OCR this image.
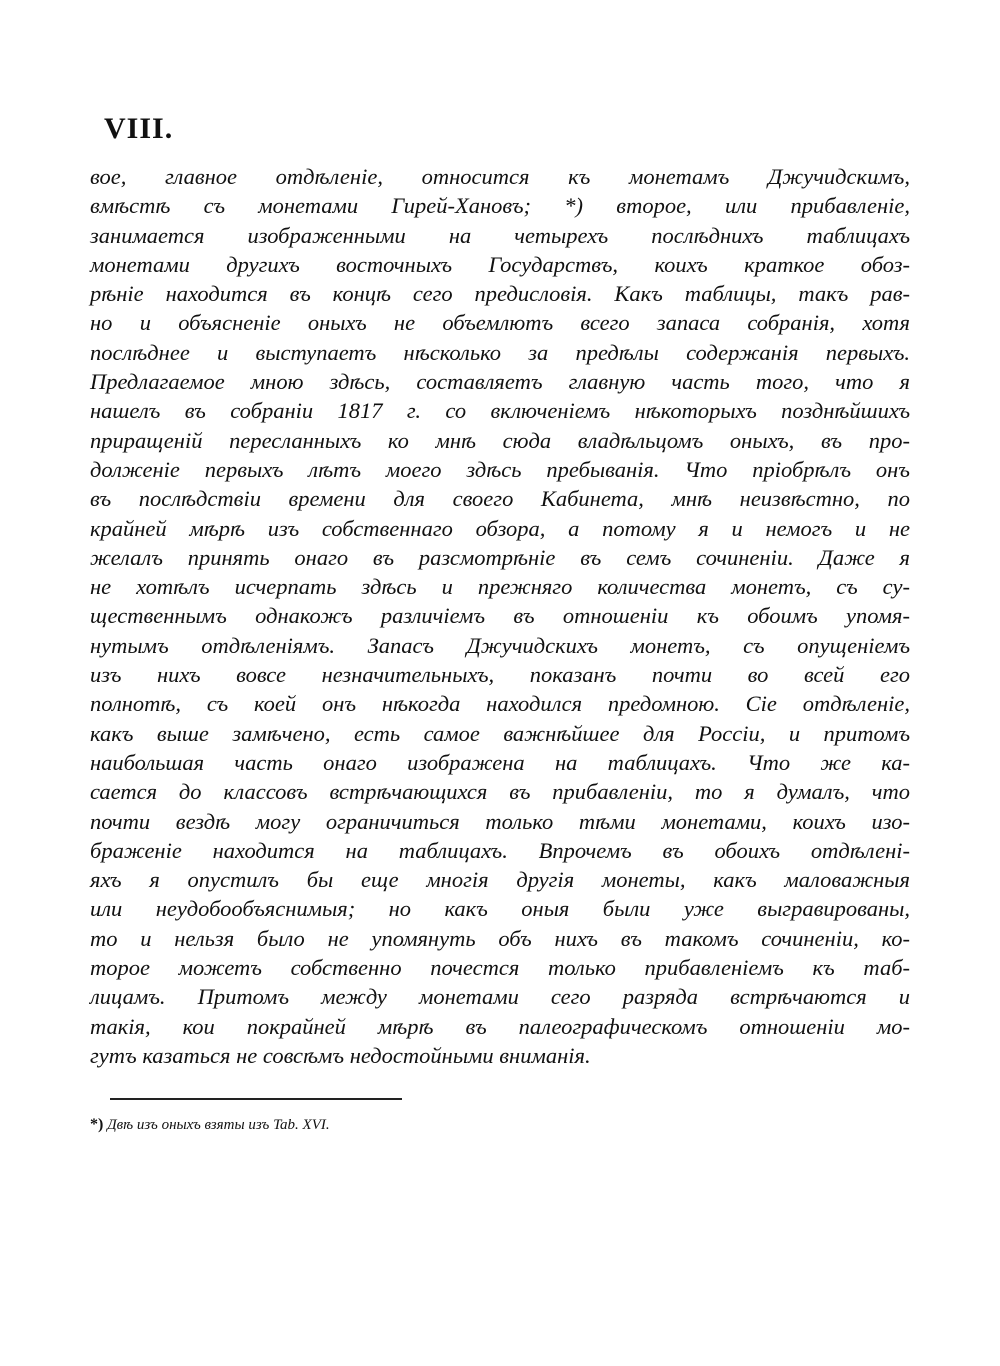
VIII.
вое, главное отдѣленіе, относится къ монетамъ Джучидскимъ,
вмѣстѣ съ монетами Гирей-Хановъ; *) второе, или прибавленіе,
занимается изображенными на четырехъ послѣднихъ таблицахъ
монетами другихъ восточныхъ Государствъ, коихъ краткое обоз-
рѣніе находится въ концѣ сего предисловія. Какъ таблицы, такъ рав-
но и объясненіе оныхъ не объемлютъ всего запаса собранія, хотя
послѣднее и выступаетъ нѣсколько за предѣлы содержанія первыхъ.
Предлагаемое мною здѣсь, составляетъ главную часть того, что я
нашелъ въ собраніи 1817 г. со включеніемъ нѣкоторыхъ позднѣйшихъ
приращеній пересланныхъ ко мнѣ сюда владѣльцомъ оныхъ, въ про-
долженіе первыхъ лѣтъ моего здѣсь пребыванія. Что пріобрѣлъ онъ
въ послѣдствіи времени для своего Кабинета, мнѣ неизвѣстно, по
крайней мѣрѣ изъ собственнаго обзора, а потому я и немогъ и не
желалъ принять онаго въ разсмотрѣніе въ семъ сочиненіи. Даже я
не хотѣлъ исчерпать здѣсь и прежняго количества монетъ, съ су-
щественнымъ однакожъ различіемъ въ отношеніи къ обоимъ упомя-
нутымъ отдѣленіямъ. Запасъ Джучидскихъ монетъ, съ опущеніемъ
изъ нихъ вовсе незначительныхъ, показанъ почти во всей его
полнотѣ, съ коей онъ нѣкогда находился предомною. Сіе отдѣленіе,
какъ выше замѣчено, есть самое важнѣйшее для Россіи, и притомъ
наибольшая часть онаго изображена на таблицахъ. Что же ка-
сается до классовъ встрѣчающихся въ прибавленіи, то я думалъ, что
почти вездѣ могу ограничиться только тѣми монетами, коихъ изо-
браженіе находится на таблицахъ. Впрочемъ въ обоихъ отдѣлені-
яхъ я опустилъ бы еще многія другія монеты, какъ маловажныя
или неудобообъяснимыя; но какъ оныя были уже выгравированы,
то и нельзя было не упомянуть объ нихъ въ такомъ сочиненіи, ко-
торое можетъ собственно почестся только прибавленіемъ къ таб-
лицамъ. Притомъ между монетами сего разряда встрѣчаются и
такія, кои покрайней мѣрѣ въ палеографическомъ отношеніи мо-
гутъ казаться не совсѣмъ недостойными вниманія.
*) Двѣ изъ оныхъ взяты изъ Tab. XVI.
